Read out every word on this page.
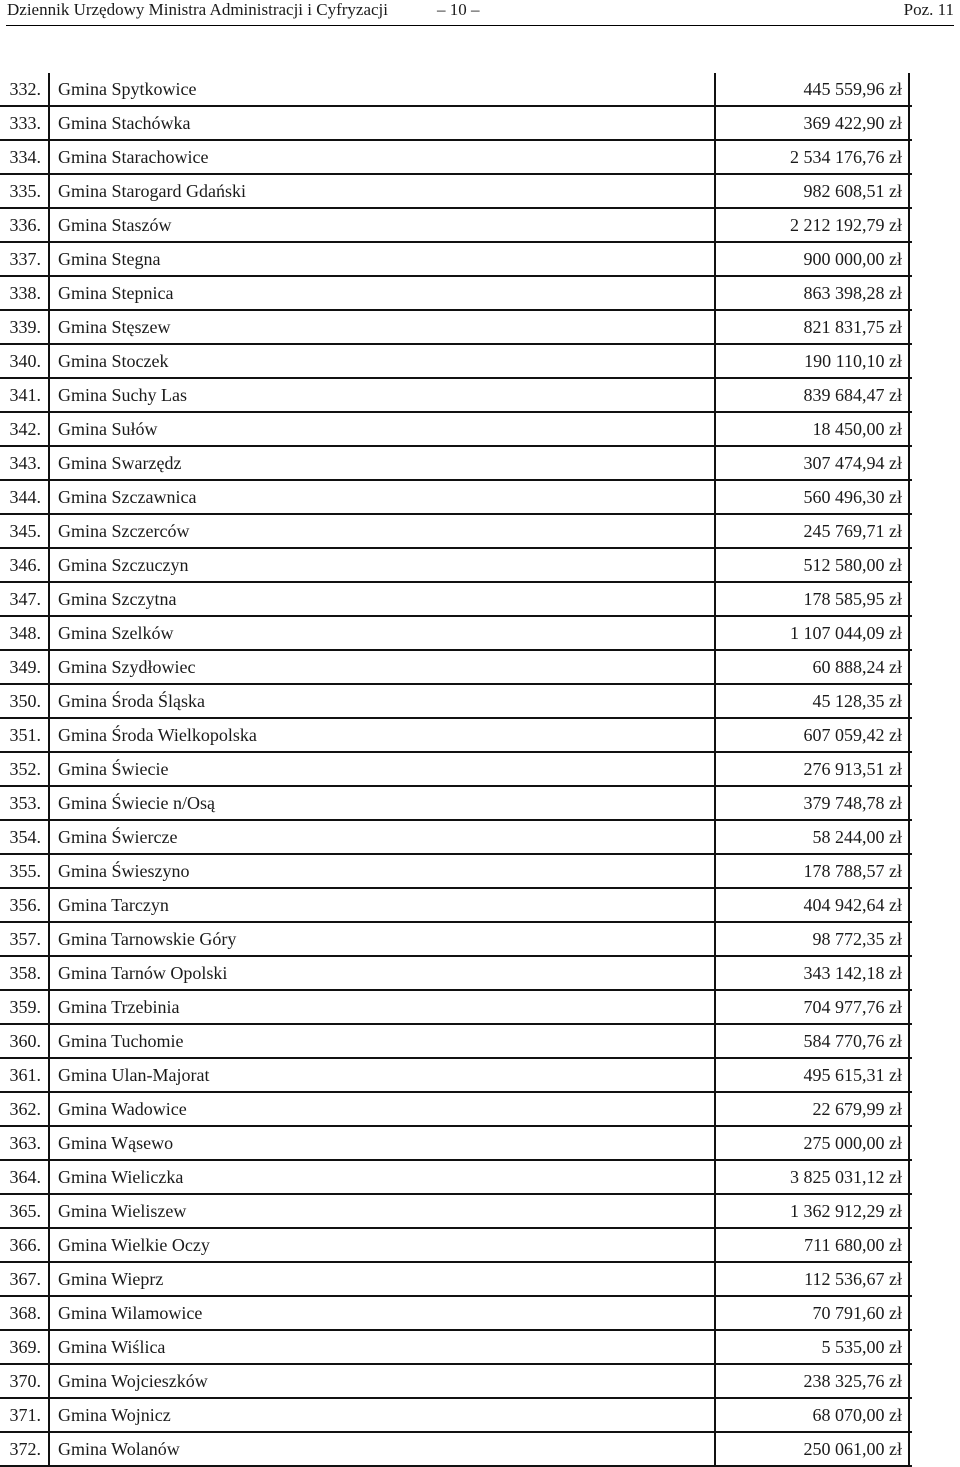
Dziennik Urzędowy Ministra Administracji i Cyfryzacji	– 10 –	Poz. 11
332. Gmina Spytkowice	445 559,96 zł
333. Gmina Stachówka	369 422,90 zł
334. Gmina Starachowice	2 534 176,76 zł
335. Gmina Starogard Gdański	982 608,51 zł
336. Gmina Staszów	2 212 192,79 zł
337. Gmina Stegna	900 000,00 zł
338. Gmina Stepnica	863 398,28 zł
339. Gmina Stęszew	821 831,75 zł
340. Gmina Stoczek	190 110,10 zł
341. Gmina Suchy Las	839 684,47 zł
342. Gmina Sułów	18 450,00 zł
343. Gmina Swarzędz	307 474,94 zł
344. Gmina Szczawnica	560 496,30 zł
345. Gmina Szczerców	245 769,71 zł
346. Gmina Szczuczyn	512 580,00 zł
347. Gmina Szczytna	178 585,95 zł
348. Gmina Szelków	1 107 044,09 zł
349. Gmina Szydłowiec	60 888,24 zł
350. Gmina Środa Śląska	45 128,35 zł
351. Gmina Środa Wielkopolska	607 059,42 zł
352. Gmina Świecie	276 913,51 zł
353. Gmina Świecie n/Osą	379 748,78 zł
354. Gmina Świercze	58 244,00 zł
355. Gmina Świeszyno	178 788,57 zł
356. Gmina Tarczyn	404 942,64 zł
357. Gmina Tarnowskie Góry	98 772,35 zł
358. Gmina Tarnów Opolski	343 142,18 zł
359. Gmina Trzebinia	704 977,76 zł
360. Gmina Tuchomie	584 770,76 zł
361. Gmina Ulan-Majorat	495 615,31 zł
362. Gmina Wadowice	22 679,99 zł
363. Gmina Wąsewo	275 000,00 zł
364. Gmina Wieliczka	3 825 031,12 zł
365. Gmina Wieliszew	1 362 912,29 zł
366. Gmina Wielkie Oczy	711 680,00 zł
367. Gmina Wieprz	112 536,67 zł
368. Gmina Wilamowice	70 791,60 zł
369. Gmina Wiślica	5 535,00 zł
370. Gmina Wojcieszków	238 325,76 zł
371. Gmina Wojnicz	68 070,00 zł
372. Gmina Wolanów	250 061,00 zł
